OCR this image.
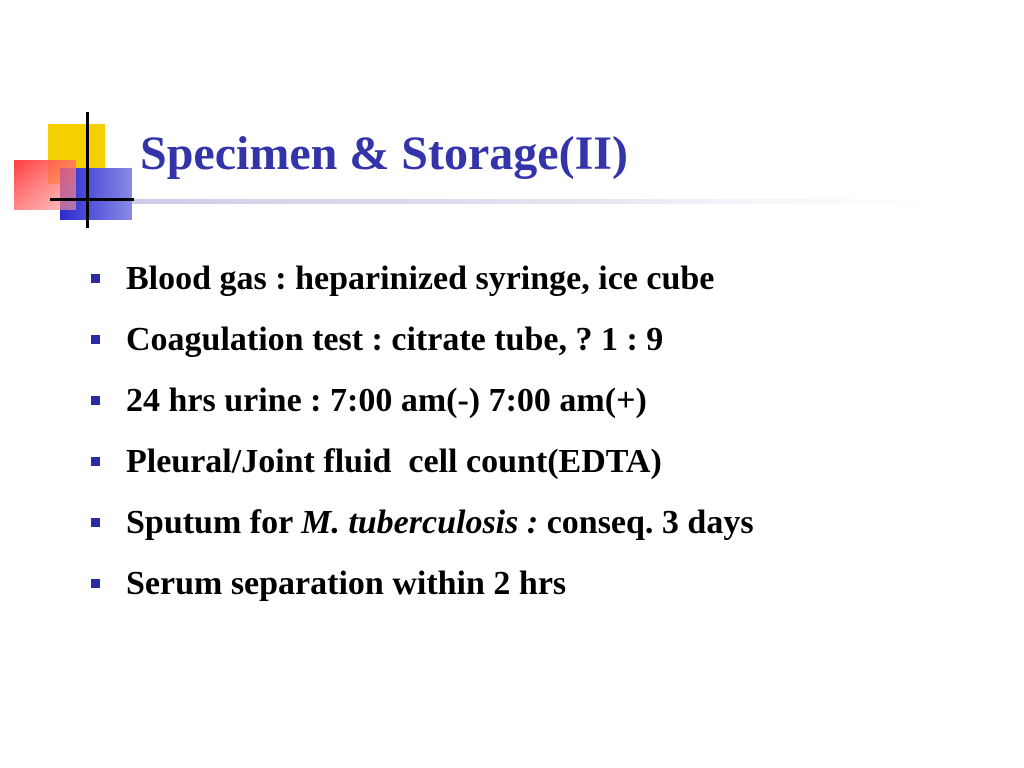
Specimen & Storage(II)
Blood gas : heparinized syringe, ice cube
Coagulation test : citrate tube, ? 1 : 9
24 hrs urine : 7:00 am(-) 7:00 am(+)
Pleural/Joint fluid  cell count(EDTA)
Sputum for M. tuberculosis : conseq. 3 days
Serum separation within 2 hrs
